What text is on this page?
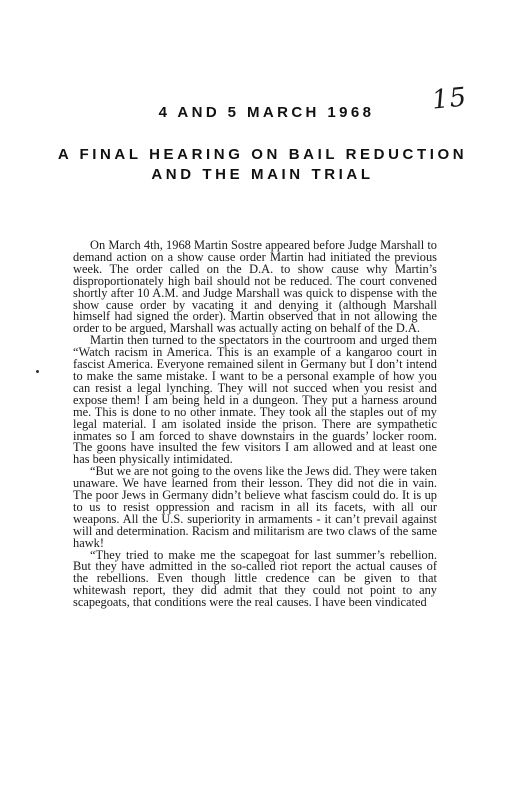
15
4 AND 5 MARCH 1968
A FINAL HEARING ON BAIL REDUCTION
AND THE MAIN TRIAL

On March 4th, 1968 Martin Sostre appeared before Judge Marshall to demand action on a show cause order Martin had initiated the previous week. The order called on the D.A. to show cause why Martin’s disproportionately high bail should not be reduced. The court convened shortly after 10 A.M. and Judge Marshall was quick to dispense with the show cause order by vacating it and denying it (although Marshall himself had signed the order). Martin observed that in not allowing the order to be argued, Marshall was actually acting on behalf of the D.A.

Martin then turned to the spectators in the courtroom and urged them “Watch racism in America. This is an example of a kangaroo court in fascist America. Everyone remained silent in Germany but I don’t intend to make the same mistake. I want to be a personal example of how you can resist a legal lynching. They will not succed when you resist and expose them! I am being held in a dungeon. They put a harness around me. This is done to no other inmate. They took all the staples out of my legal material. I am isolated inside the prison. There are sympathetic inmates so I am forced to shave downstairs in the guards’ locker room. The goons have insulted the few visitors I am allowed and at least one has been physically intimidated.

“But we are not going to the ovens like the Jews did. They were taken unaware. We have learned from their lesson. They did not die in vain. The poor Jews in Germany didn’t believe what fascism could do. It is up to us to resist oppression and racism in all its facets, with all our weapons. All the U.S. superiority in armaments - it can’t prevail against will and determination. Racism and militarism are two claws of the same hawk!

“They tried to make me the scapegoat for last summer’s rebellion. But they have admitted in the so-called riot report the actual causes of the rebellions. Even though little credence can be given to that whitewash report, they did admit that they could not point to any scapegoats, that conditions were the real causes. I have been vindicated
